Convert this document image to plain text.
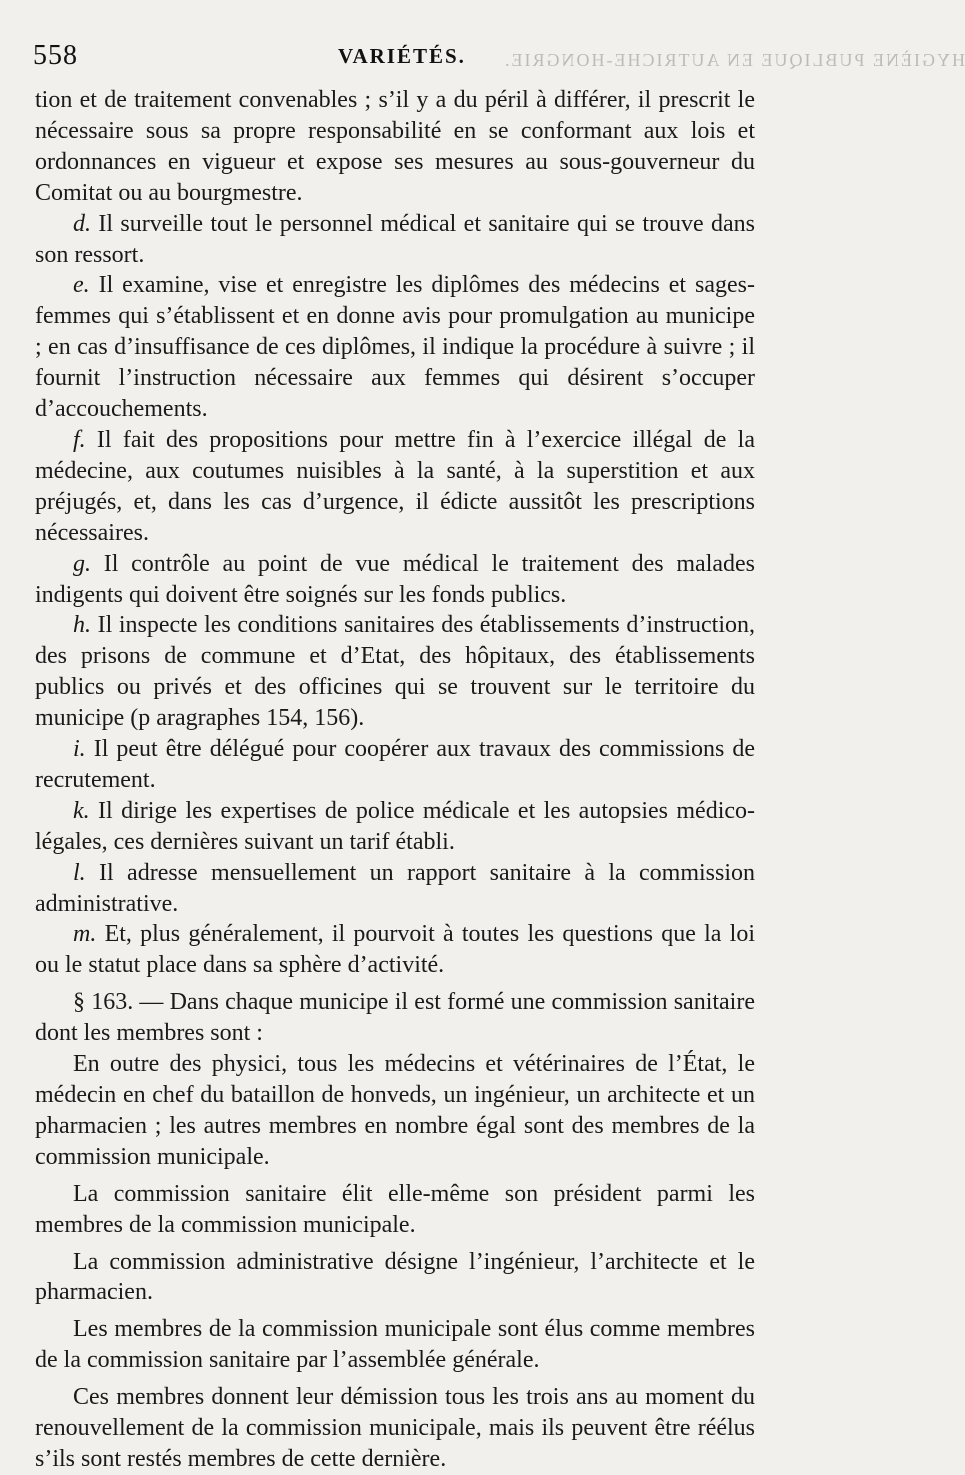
558	VARIÉTÉS. HYGIÈNE PUBLIQUE EN AUTRICHE-HONGRIE.

tion et de traitement convenables ; s’il y a du péril à différer, il prescrit le nécessaire sous sa propre responsabilité en se conformant aux lois et ordonnances en vigueur et expose ses mesures au sous-gouverneur du Comitat ou au bourgmestre.

d. Il surveille tout le personnel médical et sanitaire qui se trouve dans son ressort.

e. Il examine, vise et enregistre les diplômes des médecins et sages-femmes qui s’établissent et en donne avis pour promulgation au municipe ; en cas d’insuffisance de ces diplômes, il indique la procédure à suivre ; il fournit l’instruction nécessaire aux femmes qui désirent s’occuper d’accouchements.

f. Il fait des propositions pour mettre fin à l’exercice illégal de la médecine, aux coutumes nuisibles à la santé, à la superstition et aux préjugés, et, dans les cas d’urgence, il édicte aussitôt les prescriptions nécessaires.

g. Il contrôle au point de vue médical le traitement des malades indigents qui doivent être soignés sur les fonds publics.

h. Il inspecte les conditions sanitaires des établissements d’instruction, des prisons de commune et d’Etat, des hôpitaux, des établissements publics ou privés et des officines qui se trouvent sur le territoire du municipe (p aragraphes 154, 156).

i. Il peut être délégué pour coopérer aux travaux des commissions de recrutement.

k. Il dirige les expertises de police médicale et les autopsies médico-légales, ces dernières suivant un tarif établi.

l. Il adresse mensuellement un rapport sanitaire à la commission administrative.

m. Et, plus généralement, il pourvoit à toutes les questions que la loi ou le statut place dans sa sphère d’activité.

§ 163. — Dans chaque municipe il est formé une commission sanitaire dont les membres sont :

En outre des physici, tous les médecins et vétérinaires de l’État, le médecin en chef du bataillon de honveds, un ingénieur, un architecte et un pharmacien ; les autres membres en nombre égal sont des membres de la commission municipale.

La commission sanitaire élit elle-même son président parmi les membres de la commission municipale.

La commission administrative désigne l’ingénieur, l’architecte et le pharmacien.

Les membres de la commission municipale sont élus comme membres de la commission sanitaire par l’assemblée générale.

Ces membres donnent leur démission tous les trois ans au moment du renouvellement de la commission municipale, mais ils peuvent être réélus s’ils sont restés membres de cette dernière.
